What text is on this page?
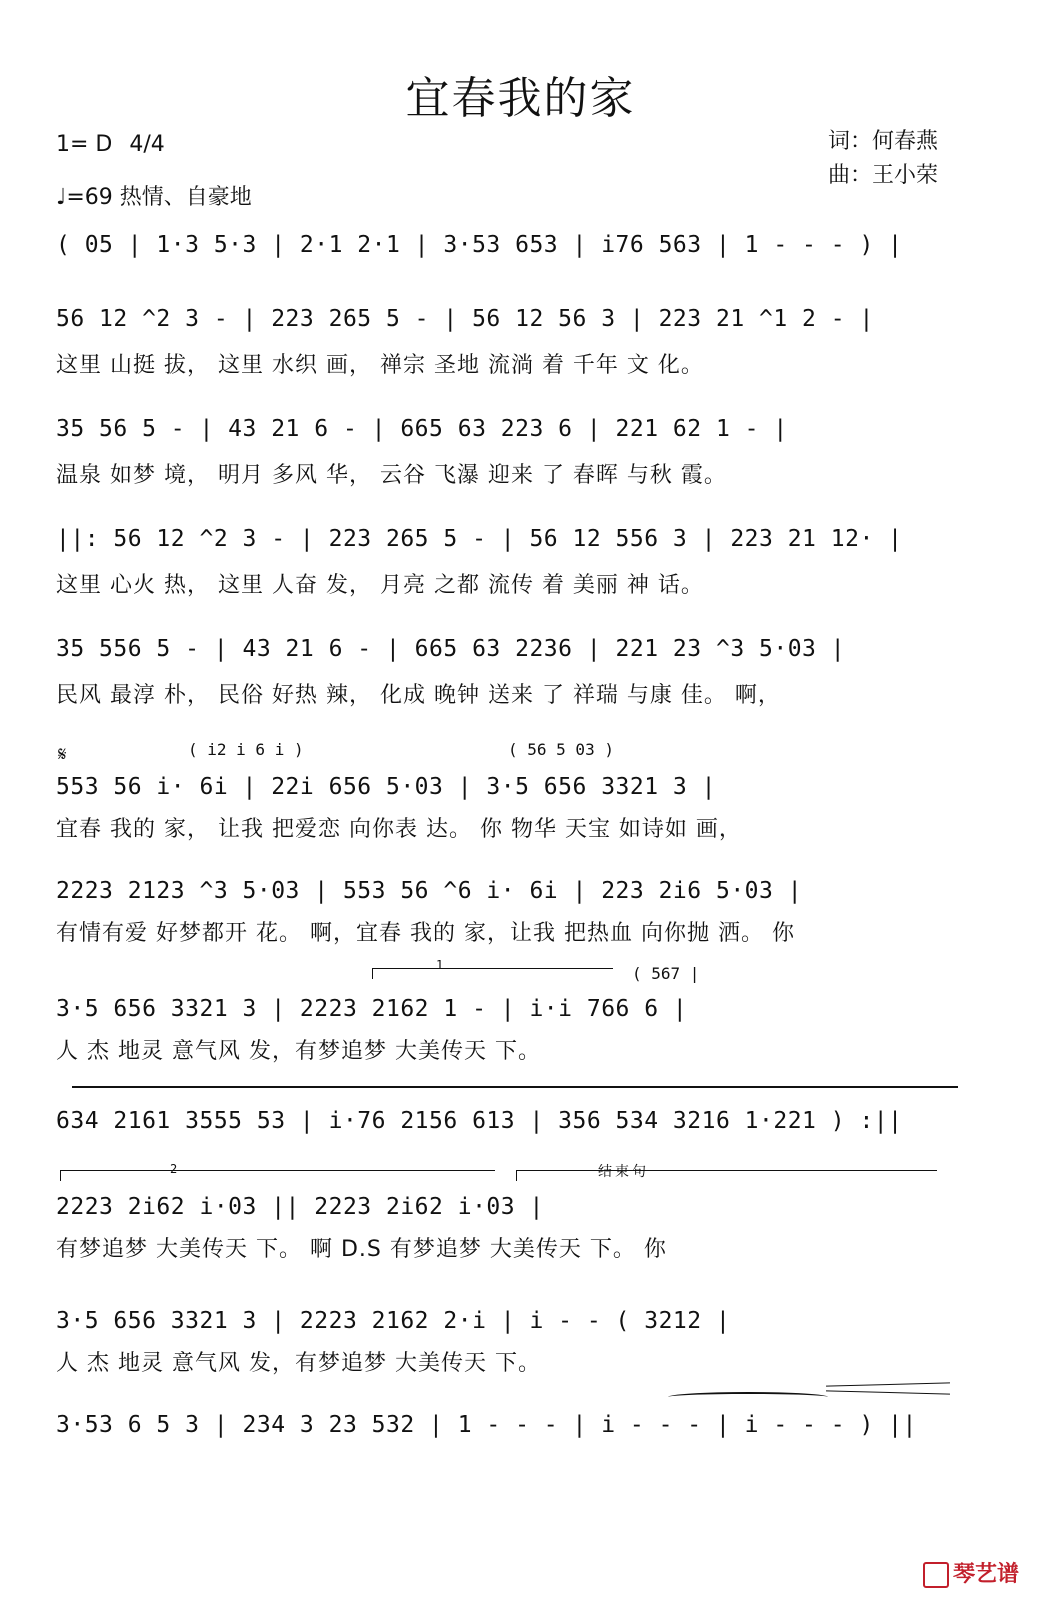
宜春我的家
1= D 4/4
♩=69 热情、自豪地
词：何春燕
曲：王小荣
( 05 | 1·3 5·3 | 2·1 2·1 | 3·53 653 | i76 563 | 1 - - - ) |
56 12 ^2 3 - | 223 265 5 - | 56 12 56 3 | 223 21 ^1 2 - |
这里 山挺 拔， 这里 水织 画， 禅宗 圣地 流淌 着 千年 文 化。
35 56 5 - | 43 21 6 - | 665 63 223 6 | 221 62 1 - |
温泉 如梦 境， 明月 多风 华， 云谷 飞瀑 迎来 了 春晖 与秋 霞。
||: 56 12 ^2 3 - | 223 265 5 - | 56 12 556 3 | 223 21 12· |
这里 心火 热， 这里 人奋 发， 月亮 之都 流传 着 美丽 神 话。
35 556 5 - | 43 21 6 - | 665 63 2236 | 221 23 ^3 5·03 |
民风 最淳 朴， 民俗 好热 辣， 化成 晚钟 送来 了 祥瑞 与康 佳。 啊，
𝄋	( i2 i 6 i )	( 56 5 03 )
553 56 i· 6i | 22i 656 5·03 | 3·5 656 3321 3 |
宜春 我的 家， 让我 把爱恋 向你表 达。 你 物华 天宝 如诗如 画，
2223 2123 ^3 5·03 | 553 56 ^6 i· 6i | 223 2i6 5·03 |
有情有爱 好梦都开 花。 啊，宜春 我的 家，让我 把热血 向你抛 洒。 你
1	( 567 |
3·5 656 3321 3 | 2223 2162 1 - | i·i 766 6 |
人 杰 地灵 意气风 发，有梦追梦 大美传天 下。
634 2161 3555 53 | i·76 2156 613 | 356 534 3216 1·221 ) :||
2	结束句
2223 2i62 i·03 || 2223 2i62 i·03 |
有梦追梦 大美传天 下。 啊 D.S 有梦追梦 大美传天 下。 你
3·5 656 3321 3 | 2223 2162 2·i | i - - ( 3212 |
人 杰 地灵 意气风 发，有梦追梦 大美传天 下。
3·53 6 5 3 | 234 3 23 532 | 1 - - - | i - - - | i - - - ) ||
琴艺谱
